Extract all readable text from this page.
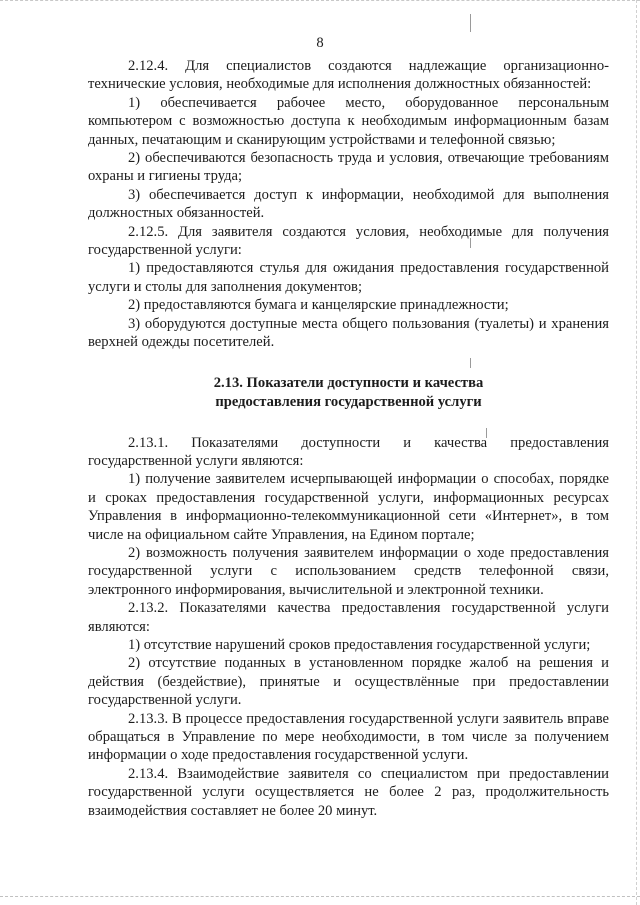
8

2.12.4. Для специалистов создаются надлежащие организационно-технические условия, необходимые для исполнения должностных обязанностей:

1) обеспечивается рабочее место, оборудованное персональным компьютером с возможностью доступа к необходимым информационным базам данных, печатающим и сканирующим устройствами и телефонной связью;

2) обеспечиваются безопасность труда и условия, отвечающие требованиям охраны и гигиены труда;

3) обеспечивается доступ к информации, необходимой для выполнения должностных обязанностей.

2.12.5. Для заявителя создаются условия, необходимые для получения государственной услуги:

1) предоставляются стулья для ожидания предоставления государственной услуги и столы для заполнения документов;

2) предоставляются бумага и канцелярские принадлежности;

3) оборудуются доступные места общего пользования (туалеты) и хранения верхней одежды посетителей.

2.13. Показатели доступности и качества
предоставления государственной услуги

2.13.1. Показателями доступности и качества предоставления государственной услуги являются:

1) получение заявителем исчерпывающей информации о способах, порядке и сроках предоставления государственной услуги, информационных ресурсах Управления в информационно-телекоммуникационной сети «Интернет», в том числе на официальном сайте Управления, на Едином портале;

2) возможность получения заявителем информации о ходе предоставления государственной услуги с использованием средств телефонной связи, электронного информирования, вычислительной и электронной техники.

2.13.2. Показателями качества предоставления государственной услуги являются:

1) отсутствие нарушений сроков предоставления государственной услуги;

2) отсутствие поданных в установленном порядке жалоб на решения и действия (бездействие), принятые и осуществлённые при предоставлении государственной услуги.

2.13.3. В процессе предоставления государственной услуги заявитель вправе обращаться в Управление по мере необходимости, в том числе за получением информации о ходе предоставления государственной услуги.

2.13.4. Взаимодействие заявителя со специалистом при предоставлении государственной услуги осуществляется не более 2 раз, продолжительность взаимодействия составляет не более 20 минут.
